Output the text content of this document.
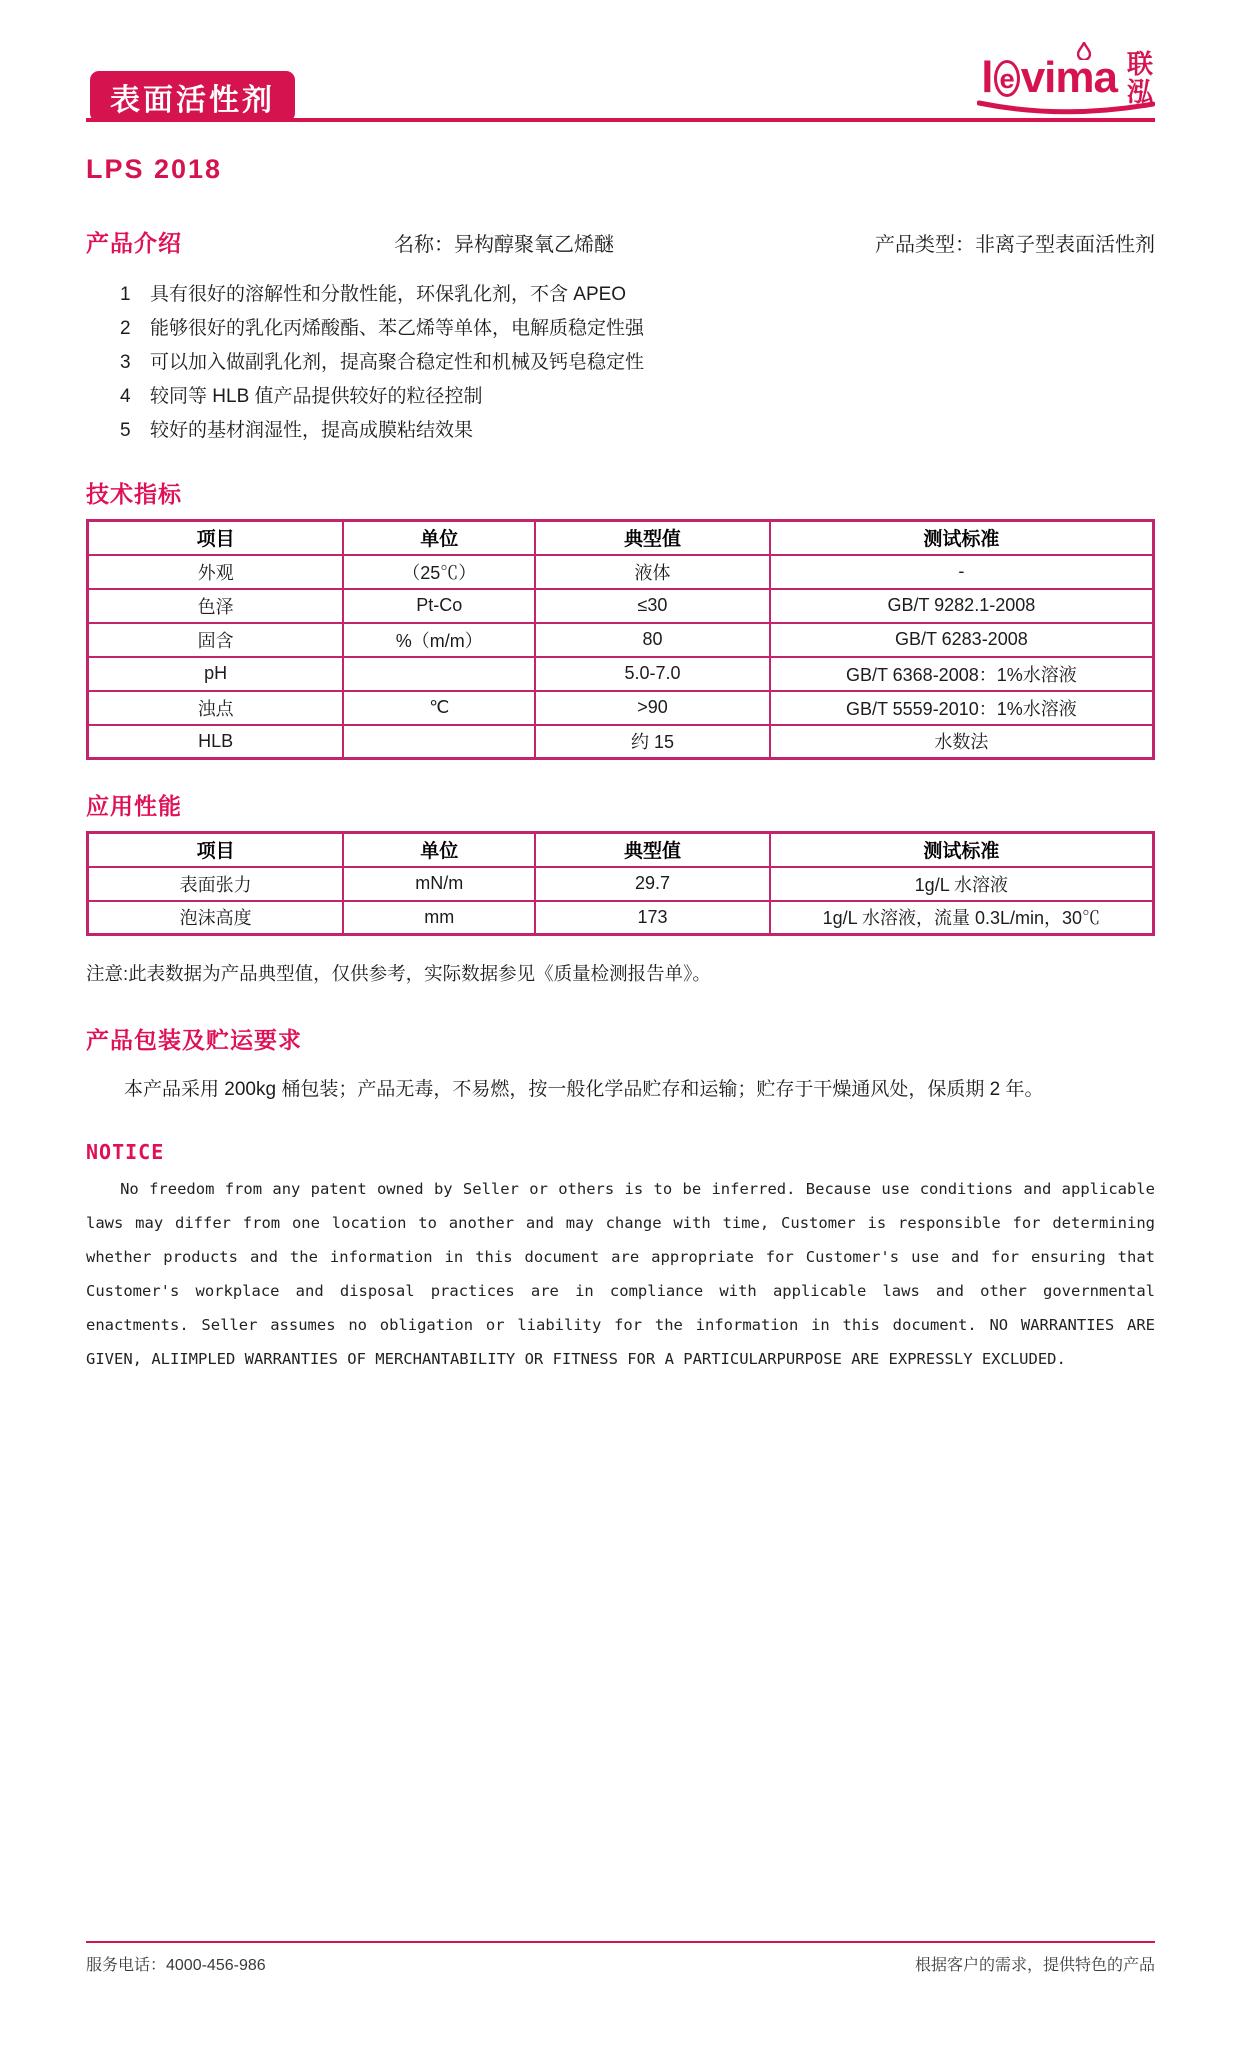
表面活性剂	l e vima 联
泓
LPS 2018
产品介绍	名称：异构醇聚氧乙烯醚	产品类型：非离子型表面活性剂
1	具有很好的溶解性和分散性能，环保乳化剂，不含 APEO
2	能够很好的乳化丙烯酸酯、苯乙烯等单体，电解质稳定性强
3	可以加入做副乳化剂，提高聚合稳定性和机械及钙皂稳定性
4	较同等 HLB 值产品提供较好的粒径控制
5	较好的基材润湿性，提高成膜粘结效果
技术指标
项目	单位	典型值	测试标准
外观	（25℃）	液体	-
色泽	Pt-Co	≤30	GB/T 9282.1-2008
固含	%（m/m）	80	GB/T 6283-2008
pH		5.0-7.0	GB/T 6368-2008：1%水溶液
浊点	℃	>90	GB/T 5559-2010：1%水溶液
HLB		约 15	水数法
应用性能
项目	单位	典型值	测试标准
表面张力	mN/m	29.7	1g/L 水溶液
泡沫高度	mm	173	1g/L 水溶液，流量 0.3L/min，30℃

注意:此表数据为产品典型值，仅供参考，实际数据参见《质量检测报告单》。

产品包装及贮运要求

本产品采用 200kg 桶包装；产品无毒，不易燃，按一般化学品贮存和运输；贮存于干燥通风处，保质期 2 年。

NOTICE

No freedom from any patent owned by Seller or others is to be inferred. Because use conditions and applicable laws may differ from one location to another and may change with time, Customer is responsible for determining whether products and the information in this document are appropriate for Customer's use and for ensuring that Customer's workplace and disposal practices are in compliance with applicable laws and other governmental enactments. Seller assumes no obligation or liability for the information in this document. NO WARRANTIES ARE GIVEN, ALIIMPLED WARRANTIES OF MERCHANTABILITY OR FITNESS FOR A PARTICULARPURPOSE ARE EXPRESSLY EXCLUDED.

服务电话：4000-456-986	根据客户的需求，提供特色的产品
